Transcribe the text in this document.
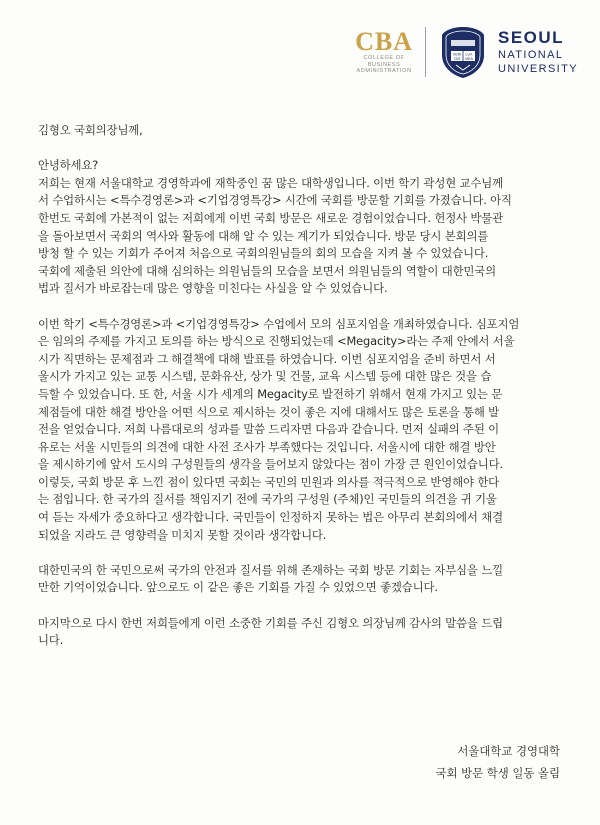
CBA
COLLEGE OF
BUSINESS
ADMINISTRATION
VERI LUX
TAS MEA
SEOUL
NATIONAL
UNIVERSITY
김형오 국회의장님께,
안녕하세요?
저희는 현재 서울대학교 경영학과에 재학중인 꿈 많은 대학생입니다. 이번 학기 곽성현 교수님께
서 수업하시는 <특수경영론>과 <기업경영특강> 시간에 국회를 방문할 기회를 가졌습니다. 아직
한번도 국회에 가본적이 없는 저희에게 이번 국회 방문은 새로운 경험이었습니다. 헌정사 박물관
을 돌아보면서 국회의 역사와 활동에 대해 알 수 있는 계기가 되었습니다. 방문 당시 본회의를
방청 할 수 있는 기회가 주어져 처음으로 국회의원님들의 회의 모습을 지켜 볼 수 있었습니다.
국회에 제출된 의안에 대해 심의하는 의원님들의 모습을 보면서 의원님들의 역할이 대한민국의
법과 질서가 바로잡는데 많은 영향을 미친다는 사실을 알 수 있었습니다.
이번 학기 <특수경영론>과 <기업경영특강> 수업에서 모의 심포지엄을 개최하였습니다. 심포지엄
은 임의의 주제를 가지고 토의를 하는 방식으로 진행되었는데 <Megacity>라는 주제 안에서 서울
시가 직면하는 문제점과 그 해결책에 대해 발표를 하였습니다. 이번 심포지엄을 준비 하면서 서
울시가 가지고 있는 교통 시스템, 문화유산, 상가 및 건물, 교육 시스템 등에 대한 많은 것을 습
득할 수 있었습니다. 또 한, 서울 시가 세계의 Megacity로 발전하기 위해서 현재 가지고 있는 문
제점들에 대한 해결 방안을 어떤 식으로 제시하는 것이 좋은 지에 대해서도 많은 토론을 통해 발
전을 얻었습니다. 저희 나름대로의 성과를 말씀 드리자면 다음과 같습니다. 먼저 실패의 주된 이
유로는 서울 시민들의 의견에 대한 사전 조사가 부족했다는 것입니다. 서울시에 대한 해결 방안
을 제시하기에 앞서 도시의 구성원들의 생각을 들어보지 않았다는 점이 가장 큰 원인이었습니다.
이렇듯, 국회 방문 후 느낀 점이 있다면 국회는 국민의 민원과 의사를 적극적으로 반영해야 한다
는 점입니다. 한 국가의 질서를 책임지기 전에 국가의 구성원 (주체)인 국민들의 의견을 귀 기울
여 듣는 자세가 중요하다고 생각합니다. 국민들이 인정하지 못하는 법은 아무리 본회의에서 채결
되었을 지라도 큰 영향력을 미치지 못할 것이라 생각합니다.
대한민국의 한 국민으로써 국가의 안전과 질서를 위해 존재하는 국회 방문 기회는 자부심을 느낄
만한 기억이었습니다. 앞으로도 이 같은 좋은 기회를 가질 수 있었으면 좋겠습니다.
마지막으로 다시 한번 저희들에게 이런 소중한 기회를 주신 김형오 의장님께 감사의 말씀을 드립
니다.
서울대학교 경영대학
국회 방문 학생 일동 올림
